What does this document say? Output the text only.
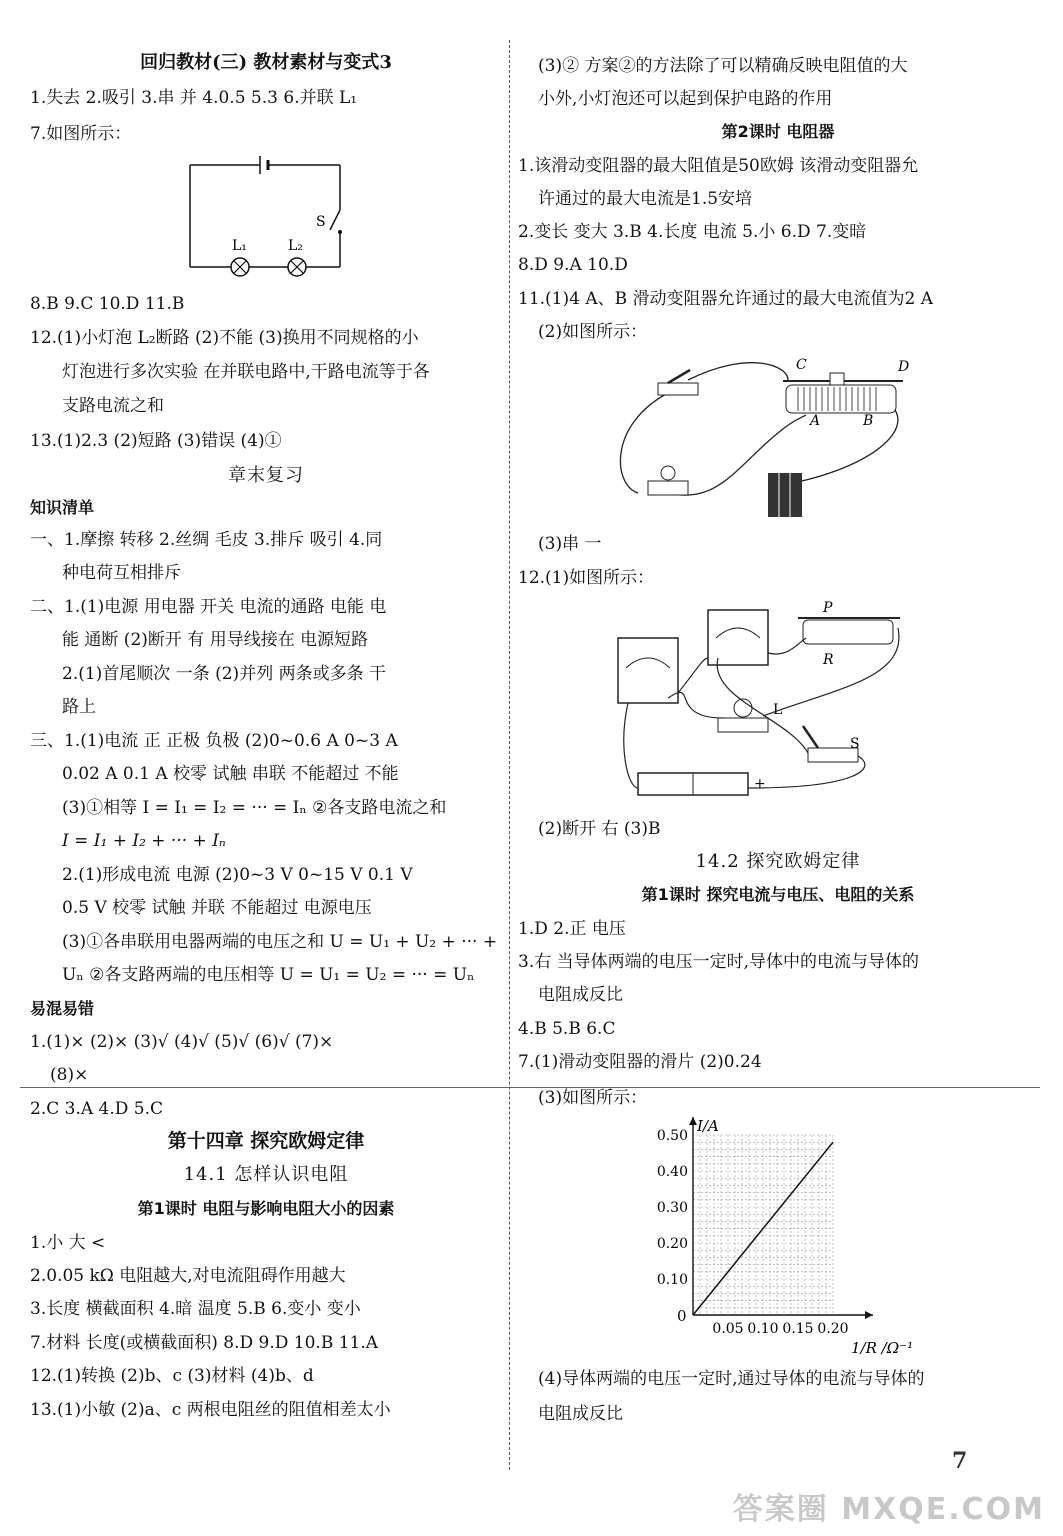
回归教材(三) 教材素材与变式3
1.失去 2.吸引 3.串 并 4.0.5 5.3 6.并联 L₁
7.如图所示：
S
L₁	L₂
8.B 9.C 10.D 11.B
12.(1)小灯泡 L₂断路 (2)不能 (3)换用不同规格的小
灯泡进行多次实验 在并联电路中,干路电流等于各
支路电流之和
13.(1)2.3 (2)短路 (3)错误 (4)①
章末复习
知识清单
一、1.摩擦 转移 2.丝绸 毛皮 3.排斥 吸引 4.同
种电荷互相排斥
二、1.(1)电源 用电器 开关 电流的通路 电能 电
能 通断 (2)断开 有 用导线接在 电源短路
2.(1)首尾顺次 一条 (2)并列 两条或多条 干
路上
三、1.(1)电流 正 正极 负极 (2)0~0.6 A 0~3 A
0.02 A 0.1 A 校零 试触 串联 不能超过 不能
(3)①相等 I = I₁ = I₂ = ··· = Iₙ ②各支路电流之和
I = I₁ + I₂ + ··· + Iₙ
2.(1)形成电流 电源 (2)0~3 V 0~15 V 0.1 V
0.5 V 校零 试触 并联 不能超过 电源电压
(3)①各串联用电器两端的电压之和 U = U₁ + U₂ + ··· +
Uₙ ②各支路两端的电压相等 U = U₁ = U₂ = ··· = Uₙ
易混易错
1.(1)× (2)× (3)√ (4)√ (5)√ (6)√ (7)×
(8)×
2.C 3.A 4.D 5.C
第十四章 探究欧姆定律
14.1 怎样认识电阻
第1课时 电阻与影响电阻大小的因素
1.小 大 <
2.0.05 kΩ 电阻越大,对电流阻碍作用越大
3.长度 横截面积 4.暗 温度 5.B 6.变小 变小
7.材料 长度(或横截面积) 8.D 9.D 10.B 11.A
12.(1)转换 (2)b、c (3)材料 (4)b、d
13.(1)小敏 (2)a、c 两根电阻丝的阻值相差太小
(3)② 方案②的方法除了可以精确反映电阻值的大
小外,小灯泡还可以起到保护电路的作用
第2课时 电阻器
1.该滑动变阻器的最大阻值是50欧姆 该滑动变阻器允
许通过的最大电流是1.5安培
2.变长 变大 3.B 4.长度 电流 5.小 6.D 7.变暗
8.D 9.A 10.D
11.(1)4 A、B 滑动变阻器允许通过的最大电流值为2 A
(2)如图所示：
C	D
A	B
(3)串 一
12.(1)如图所示：
P
R
L
S
+
(2)断开 右 (3)B
14.2 探究欧姆定律
第1课时 探究电流与电压、电阻的关系
1.D 2.正 电压
3.右 当导体两端的电压一定时,导体中的电流与导体的
电阻成反比
4.B 5.B 6.C
7.(1)滑动变阻器的滑片 (2)0.24
(3)如图所示：
0.05 0.10 0.15 0.20
0.10
0.20
0.30
0.40
0.50
I/A
1/R /Ω⁻¹
0
(4)导体两端的电压一定时,通过导体的电流与导体的
电阻成反比
7
答案圈 MXQE.COM
